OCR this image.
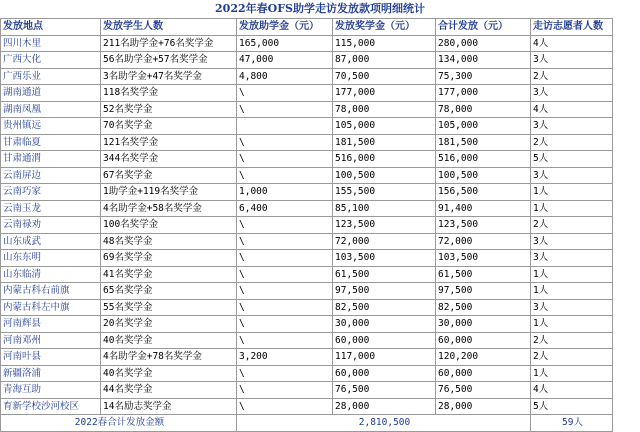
2022年春OFS助学走访发放款项明细统计
发放地点	发放学生人数	发放助学金（元）	发放奖学金（元）	合计发放（元）	走访志愿者人数
四川木里	211名助学金+76名奖学金	165,000	115,000	280,000	4人
广西大化	56名助学金+57名奖学金	47,000	87,000	134,000	3人
广西乐业	3名助学金+47名奖学金	4,800	70,500	75,300	2人
湖南通道	118名奖学金	\	177,000	177,000	3人
湖南凤凰	52名奖学金	\	78,000	78,000	4人
贵州镇远	70名奖学金		105,000	105,000	3人
甘肃临夏	121名奖学金	\	181,500	181,500	2人
甘肃通渭	344名奖学金	\	516,000	516,000	5人
云南屏边	67名奖学金	\	100,500	100,500	3人
云南巧家	1助学金+119名奖学金	1,000	155,500	156,500	1人
云南玉龙	4名助学金+58名奖学金	6,400	85,100	91,400	1人
云南禄劝	100名奖学金	\	123,500	123,500	2人
山东成武	48名奖学金	\	72,000	72,000	3人
山东东明	69名奖学金	\	103,500	103,500	3人
山东临清	41名奖学金	\	61,500	61,500	1人
内蒙古科右前旗	65名奖学金	\	97,500	97,500	1人
内蒙古科左中旗	55名奖学金	\	82,500	82,500	3人
河南辉县	20名奖学金	\	30,000	30,000	1人
河南邓州	40名奖学金	\	60,000	60,000	2人
河南叶县	4名助学金+78名奖学金	3,200	117,000	120,200	2人
新疆洛浦	40名奖学金	\	60,000	60,000	1人
青海互助	44名奖学金	\	76,500	76,500	4人
育新学校沙河校区	14名励志奖学金	\	28,000	28,000	5人
2022春合计发放金额		2,810,500			59人
